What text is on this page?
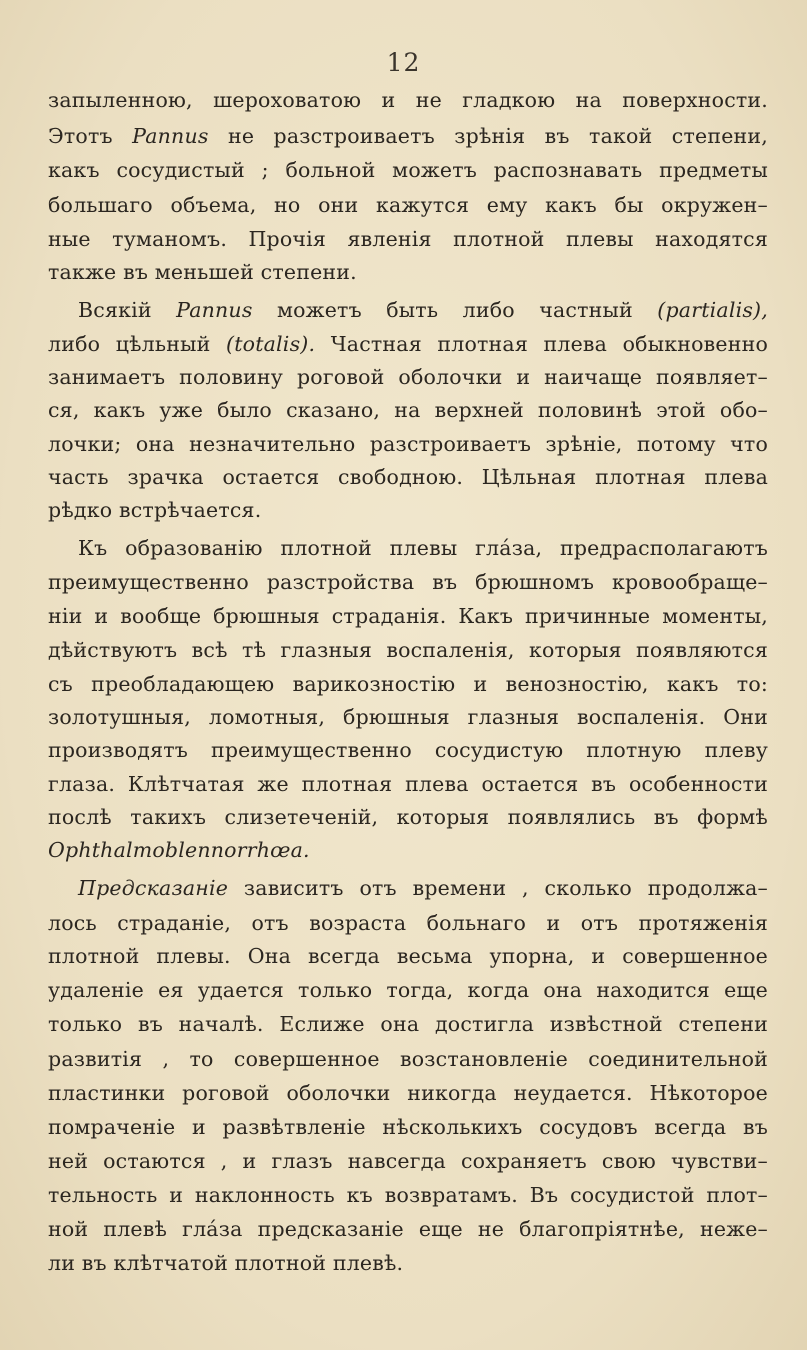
12
запыленною, шероховатою и не гладкою на поверхности.
Этотъ Pannus не разстроиваетъ зрѣнія въ такой степени,
какъ сосудистый ; больной можетъ распознавать предметы
большаго объема, но они кажутся ему какъ бы окружен–
ные туманомъ. Прочія явленія плотной плевы находятся
также въ меньшей степени.
Всякій Pannus можетъ быть либо частный (partialis),
либо цѣльный (totalis). Частная плотная плева обыкновенно
занимаетъ половину роговой оболочки и наичаще появляет–
ся, какъ уже было сказано, на верхней половинѣ этой обо–
лочки; она незначительно разстроиваетъ зрѣніе, потому что
часть зрачка остается свободною. Цѣльная плотная плева
рѣдко встрѣчается.
Къ образованію плотной плевы глáза, предрасполагаютъ
преимущественно разстройства въ брюшномъ кровообраще–
ніи и вообще брюшныя страданія. Какъ причинные моменты,
дѣйствуютъ всѣ тѣ глазныя воспаленія, которыя появляются
съ преобладающею варикозностію и венозностію, какъ то:
золотушныя, ломотныя, брюшныя глазныя воспаленія. Они
производятъ преимущественно сосудистую плотную плеву
глаза. Клѣтчатая же плотная плева остается въ особенности
послѣ такихъ слизетеченій, которыя появлялись въ формѣ
Ophthalmoblennorrhœa.
Предсказаніе зависитъ отъ времени , сколько продолжа–
лось страданіе, отъ возраста больнаго и отъ протяженія
плотной плевы. Она всегда весьма упорна, и совершенное
удаленіе ея удается только тогда, когда она находится еще
только въ началѣ. Еслиже она достигла извѣстной степени
развитія , то совершенное возстановленіе соединительной
пластинки роговой оболочки никогда неудается. Нѣкоторое
помраченіе и развѣтвленіе нѣсколькихъ сосудовъ всегда въ
ней остаются , и глазъ навсегда сохраняетъ свою чувстви–
тельность и наклонность къ возвратамъ. Въ сосудистой плот–
ной плевѣ глáза предсказаніе еще не благопріятнѣе, неже–
ли въ клѣтчатой плотной плевѣ.
